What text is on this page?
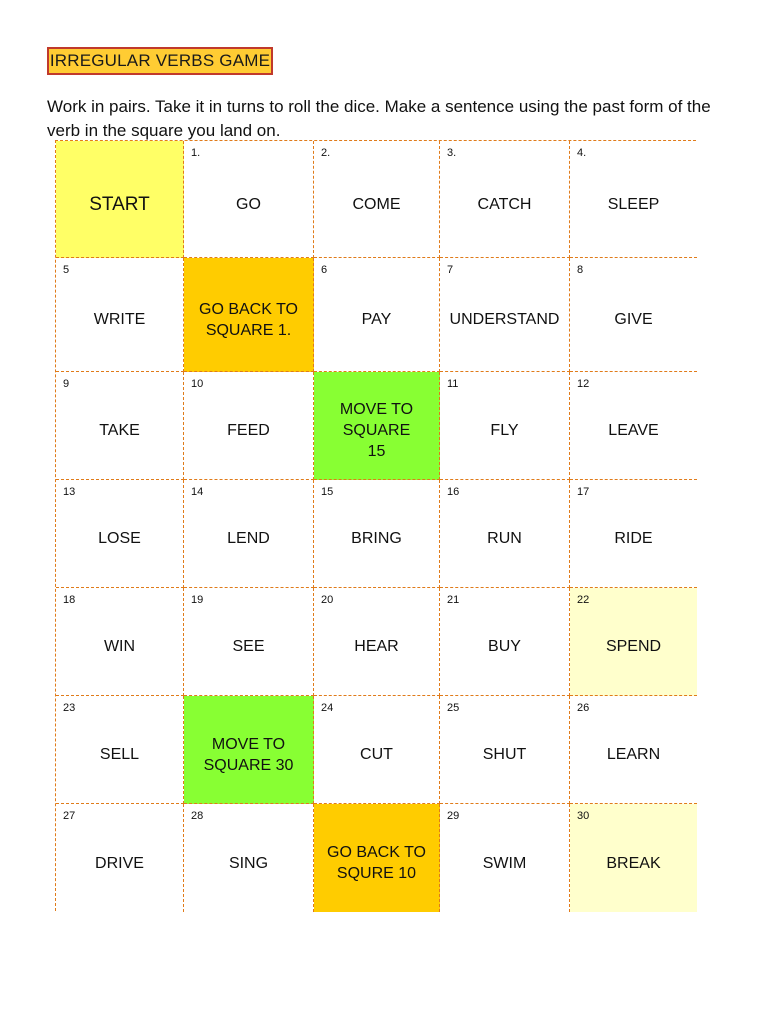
IRREGULAR VERBS GAME
Work in pairs. Take it in turns to roll the dice. Make a sentence using the past form of the verb in the square you land on.
START
1.
GO
2.
COME
3.
CATCH
4.
SLEEP
5
WRITE
GO BACK TO
SQUARE 1.
6
PAY
7
UNDERSTAND
8
GIVE
9
TAKE
10
FEED
MOVE TO
SQUARE
15
11
FLY
12
LEAVE
13
LOSE
14
LEND
15
BRING
16
RUN
17
RIDE
18
WIN
19
SEE
20
HEAR
21
BUY
22
SPEND
23
SELL
MOVE TO
SQUARE 30
24
CUT
25
SHUT
26
LEARN
27
DRIVE
28
SING
GO BACK TO
SQURE 10
29
SWIM
30
BREAK
